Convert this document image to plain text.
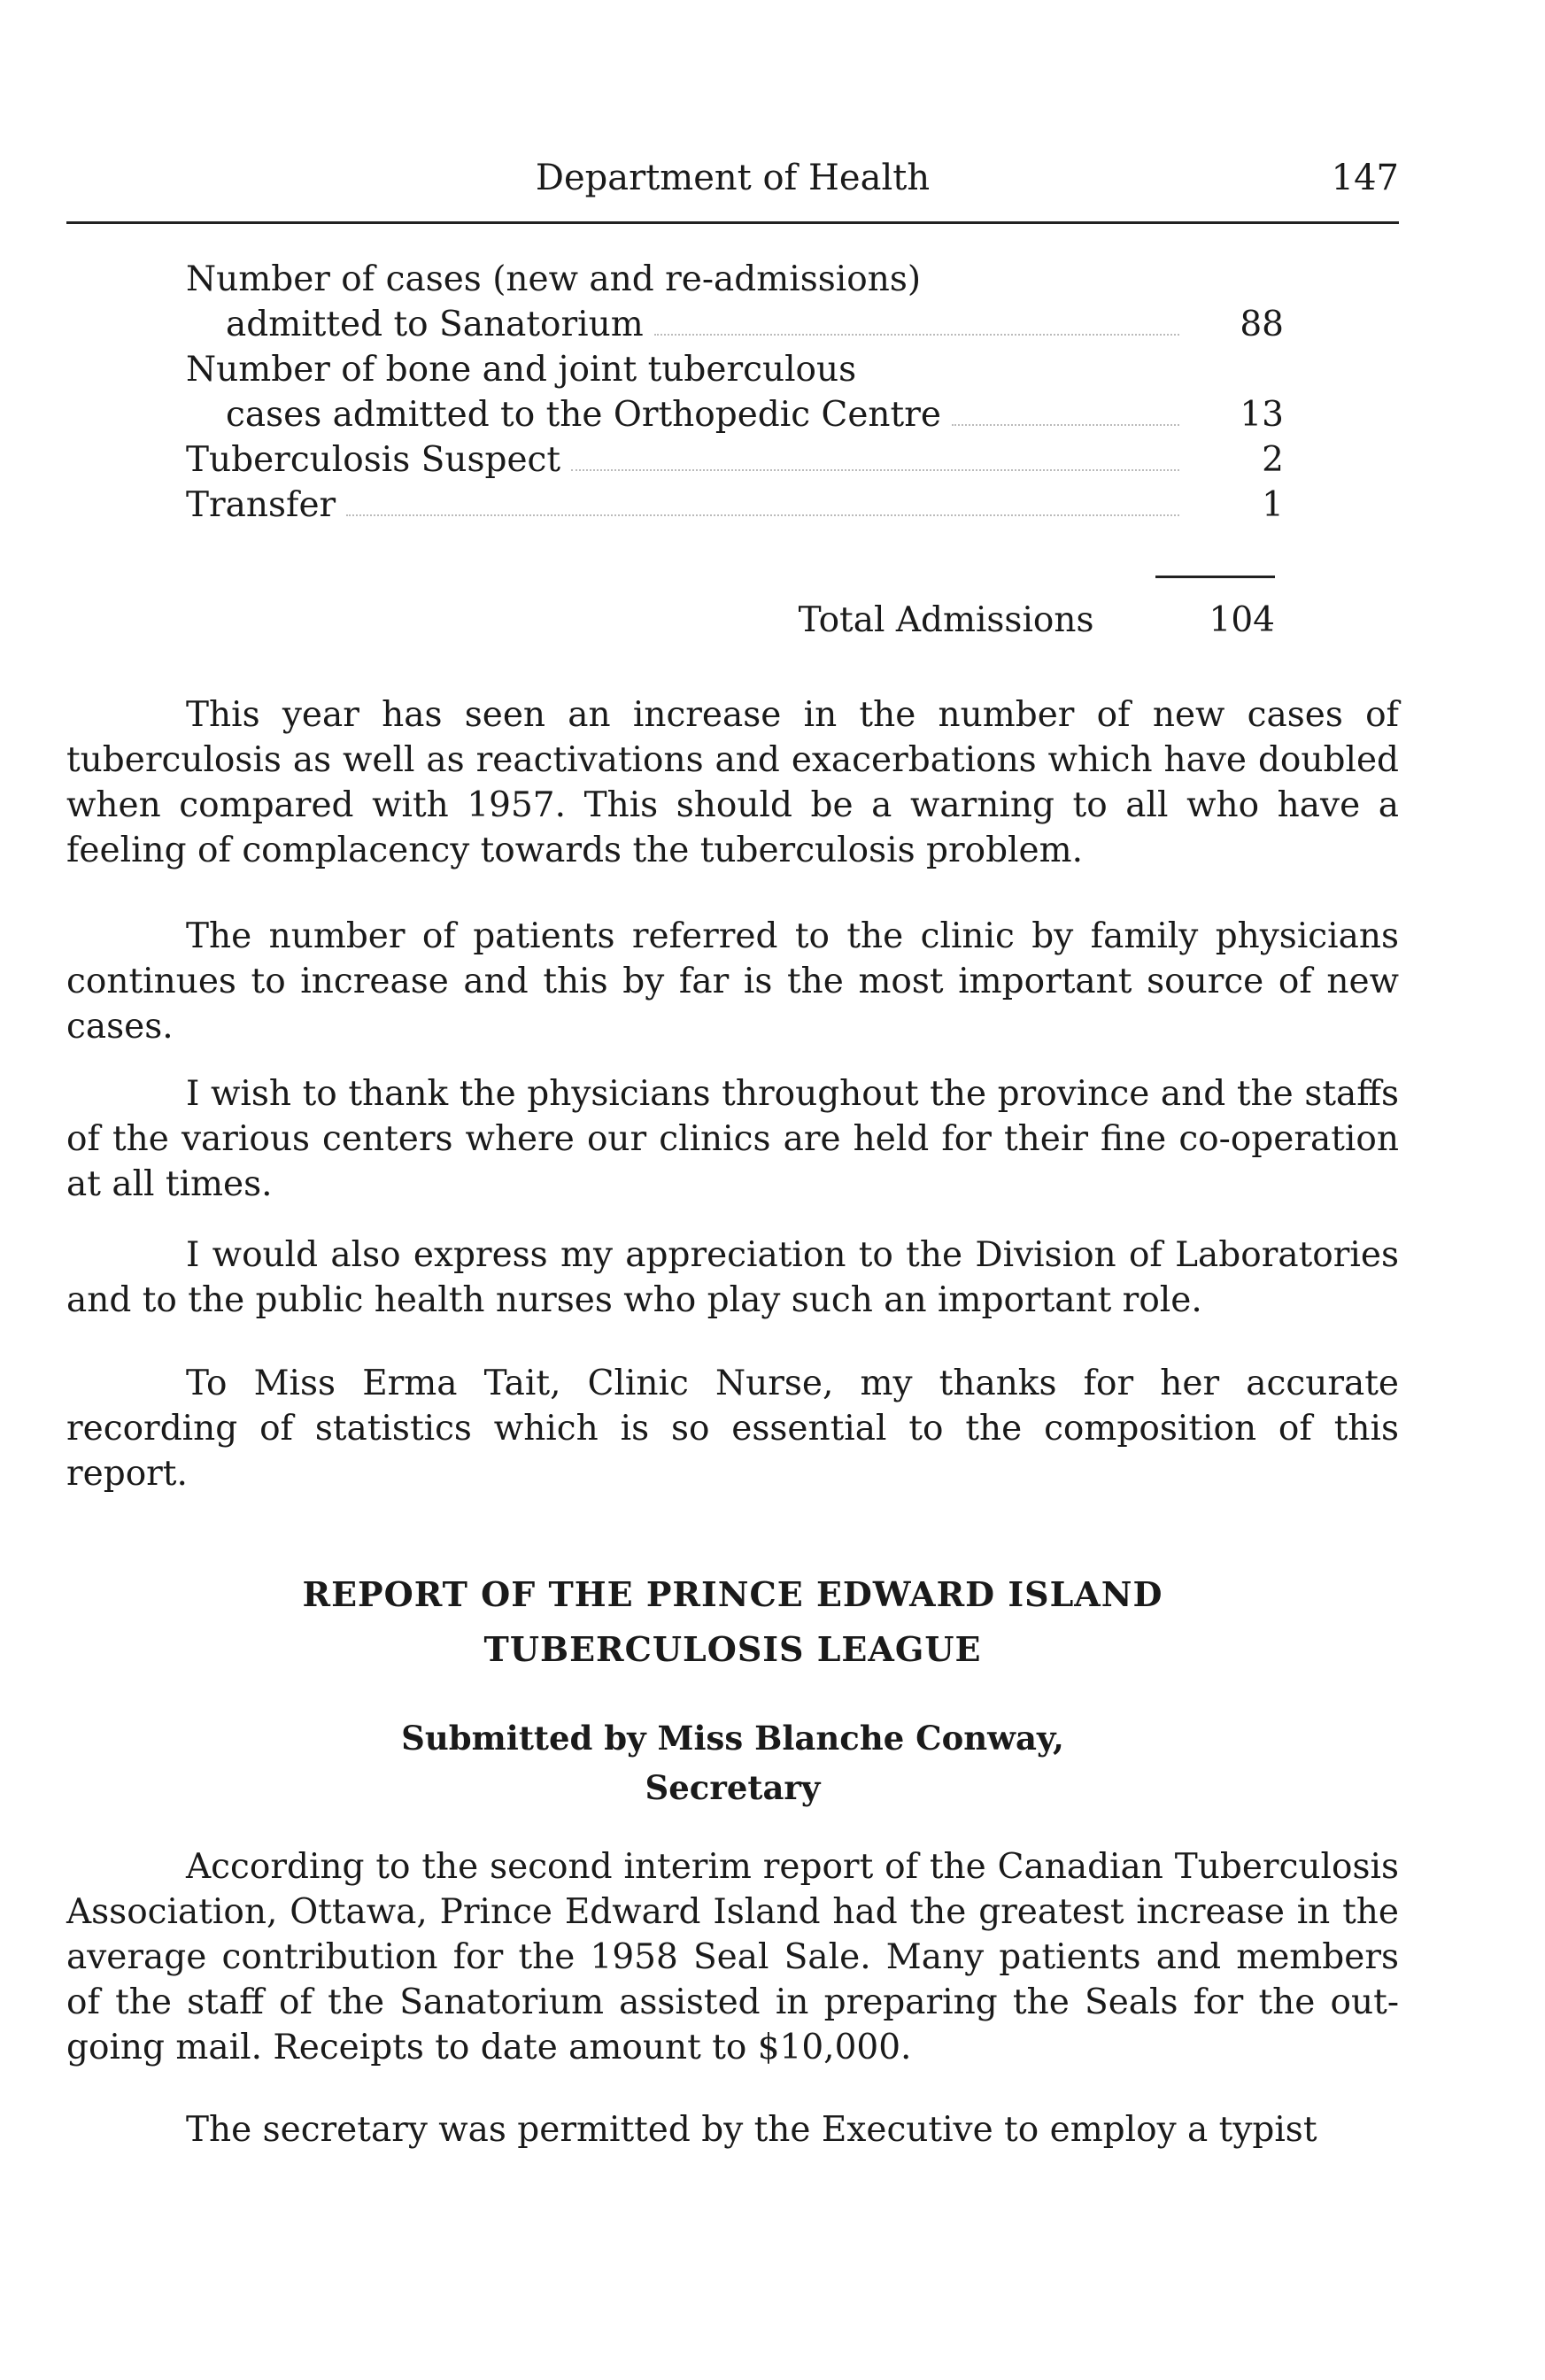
Department of Health	147
Number of cases (new and re-admissions)
admitted to Sanatorium	88
Number of bone and joint tuberculous
cases admitted to the Orthopedic Centre	13
Tuberculosis Suspect	2
Transfer	1
Total Admissions	104

This year has seen an increase in the number of new cases of tuberculosis as well as reactivations and exacerbations which have doubled when compared with 1957. This should be a warning to all who have a feeling of complacency towards the tuberculosis problem.

The number of patients referred to the clinic by family physicians continues to increase and this by far is the most important source of new cases.

I wish to thank the physicians throughout the province and the staffs of the various centers where our clinics are held for their fine co-operation at all times.

I would also express my appreciation to the Division of Laboratories and to the public health nurses who play such an important role.

To Miss Erma Tait, Clinic Nurse, my thanks for her accurate recording of statistics which is so essential to the composition of this report.

REPORT OF THE PRINCE EDWARD ISLAND
TUBERCULOSIS LEAGUE
Submitted by Miss Blanche Conway,
Secretary

According to the second interim report of the Canadian Tuberculosis Association, Ottawa, Prince Edward Island had the greatest increase in the average contribution for the 1958 Seal Sale. Many patients and members of the staff of the Sanatorium assisted in preparing the Seals for the out-going mail. Receipts to date amount to $10,000.

The secretary was permitted by the Executive to employ a typist
